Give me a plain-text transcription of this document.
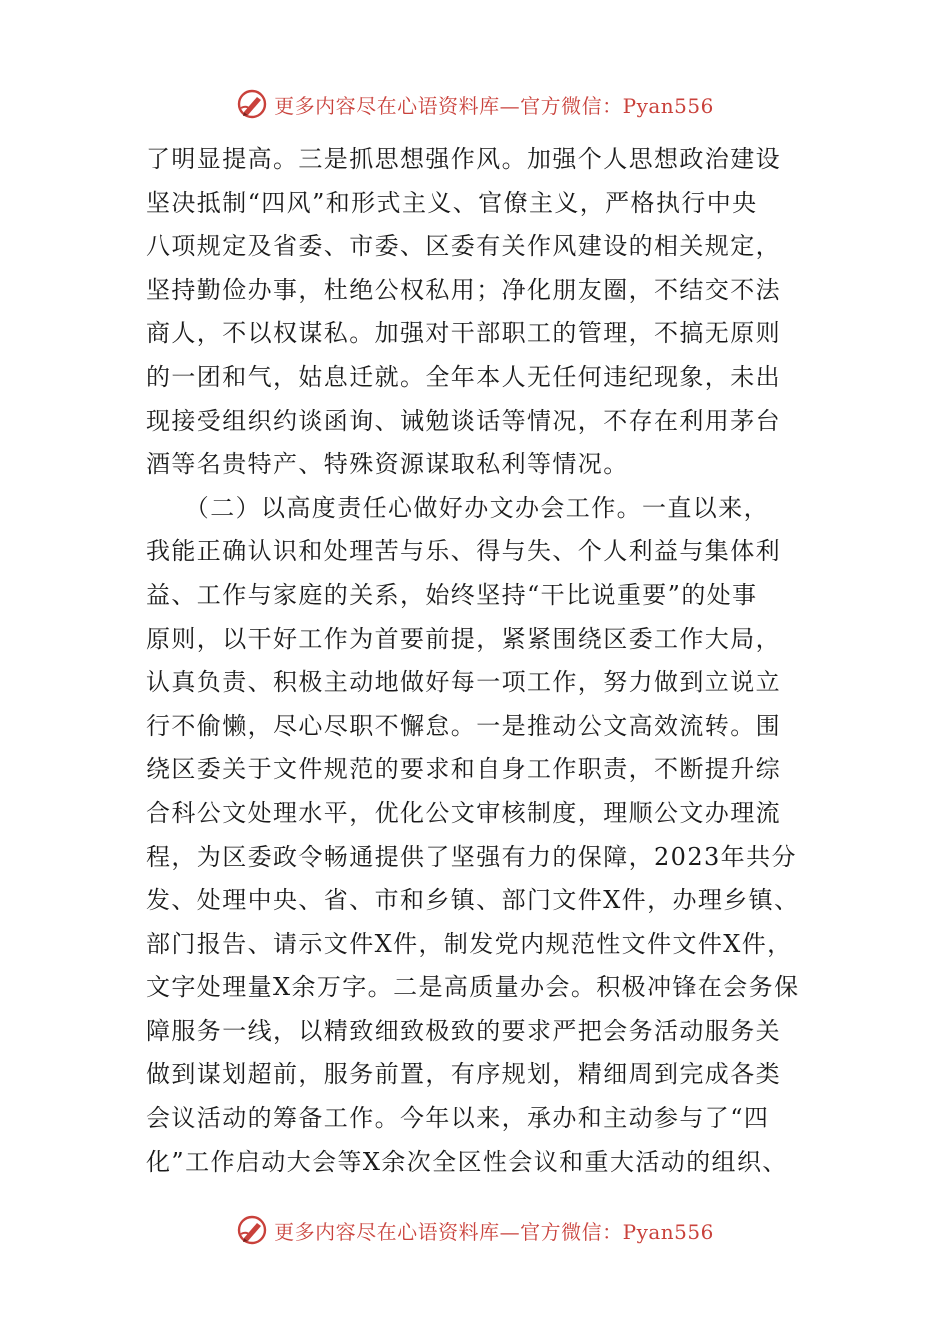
更多内容尽在心语资料库—官方微信：Pyan556
了明显提高。三是抓思想强作风。加强个人思想政治建设
坚决抵制“四风”和形式主义、官僚主义，严格执行中央
八项规定及省委、市委、区委有关作风建设的相关规定，
坚持勤俭办事，杜绝公权私用；净化朋友圈，不结交不法
商人，不以权谋私。加强对干部职工的管理，不搞无原则
的一团和气，姑息迁就。全年本人无任何违纪现象，未出
现接受组织约谈函询、诫勉谈话等情况，不存在利用茅台
酒等名贵特产、特殊资源谋取私利等情况。
　　（二）以高度责任心做好办文办会工作。一直以来，
我能正确认识和处理苦与乐、得与失、个人利益与集体利
益、工作与家庭的关系，始终坚持“干比说重要”的处事
原则，以干好工作为首要前提，紧紧围绕区委工作大局，
认真负责、积极主动地做好每一项工作，努力做到立说立
行不偷懒，尽心尽职不懈怠。一是推动公文高效流转。围
绕区委关于文件规范的要求和自身工作职责，不断提升综
合科公文处理水平，优化公文审核制度，理顺公文办理流
程，为区委政令畅通提供了坚强有力的保障，2023年共分
发、处理中央、省、市和乡镇、部门文件X件，办理乡镇、
部门报告、请示文件X件，制发党内规范性文件文件X件，
文字处理量X余万字。二是高质量办会。积极冲锋在会务保
障服务一线，以精致细致极致的要求严把会务活动服务关
做到谋划超前，服务前置，有序规划，精细周到完成各类
会议活动的筹备工作。今年以来，承办和主动参与了“四
化”工作启动大会等X余次全区性会议和重大活动的组织、
更多内容尽在心语资料库—官方微信：Pyan556
